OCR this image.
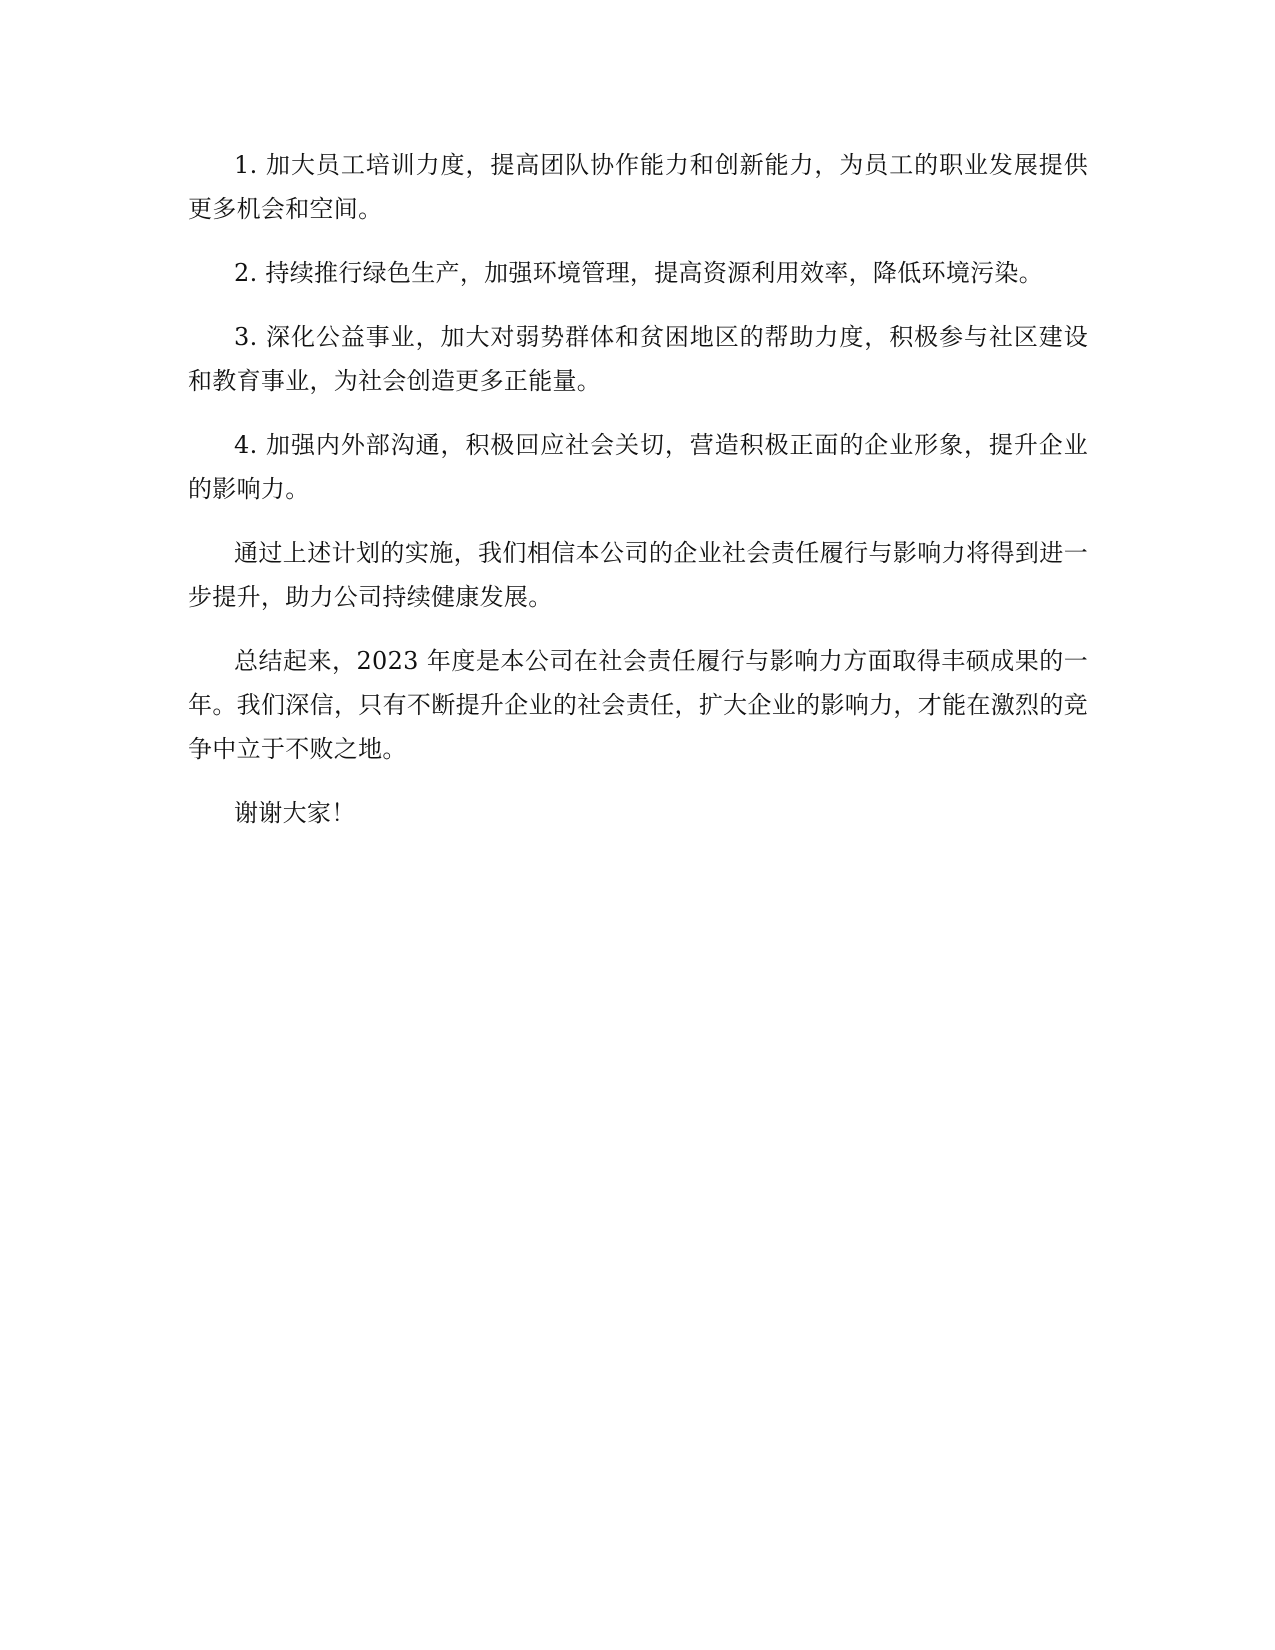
1. 加大员工培训力度，提高团队协作能力和创新能力，为员工的职业发展提供更多机会和空间。

2. 持续推行绿色生产，加强环境管理，提高资源利用效率，降低环境污染。

3. 深化公益事业，加大对弱势群体和贫困地区的帮助力度，积极参与社区建设和教育事业，为社会创造更多正能量。

4. 加强内外部沟通，积极回应社会关切，营造积极正面的企业形象，提升企业的影响力。

通过上述计划的实施，我们相信本公司的企业社会责任履行与影响力将得到进一步提升，助力公司持续健康发展。

总结起来，2023 年度是本公司在社会责任履行与影响力方面取得丰硕成果的一年。我们深信，只有不断提升企业的社会责任，扩大企业的影响力，才能在激烈的竞争中立于不败之地。

谢谢大家！
